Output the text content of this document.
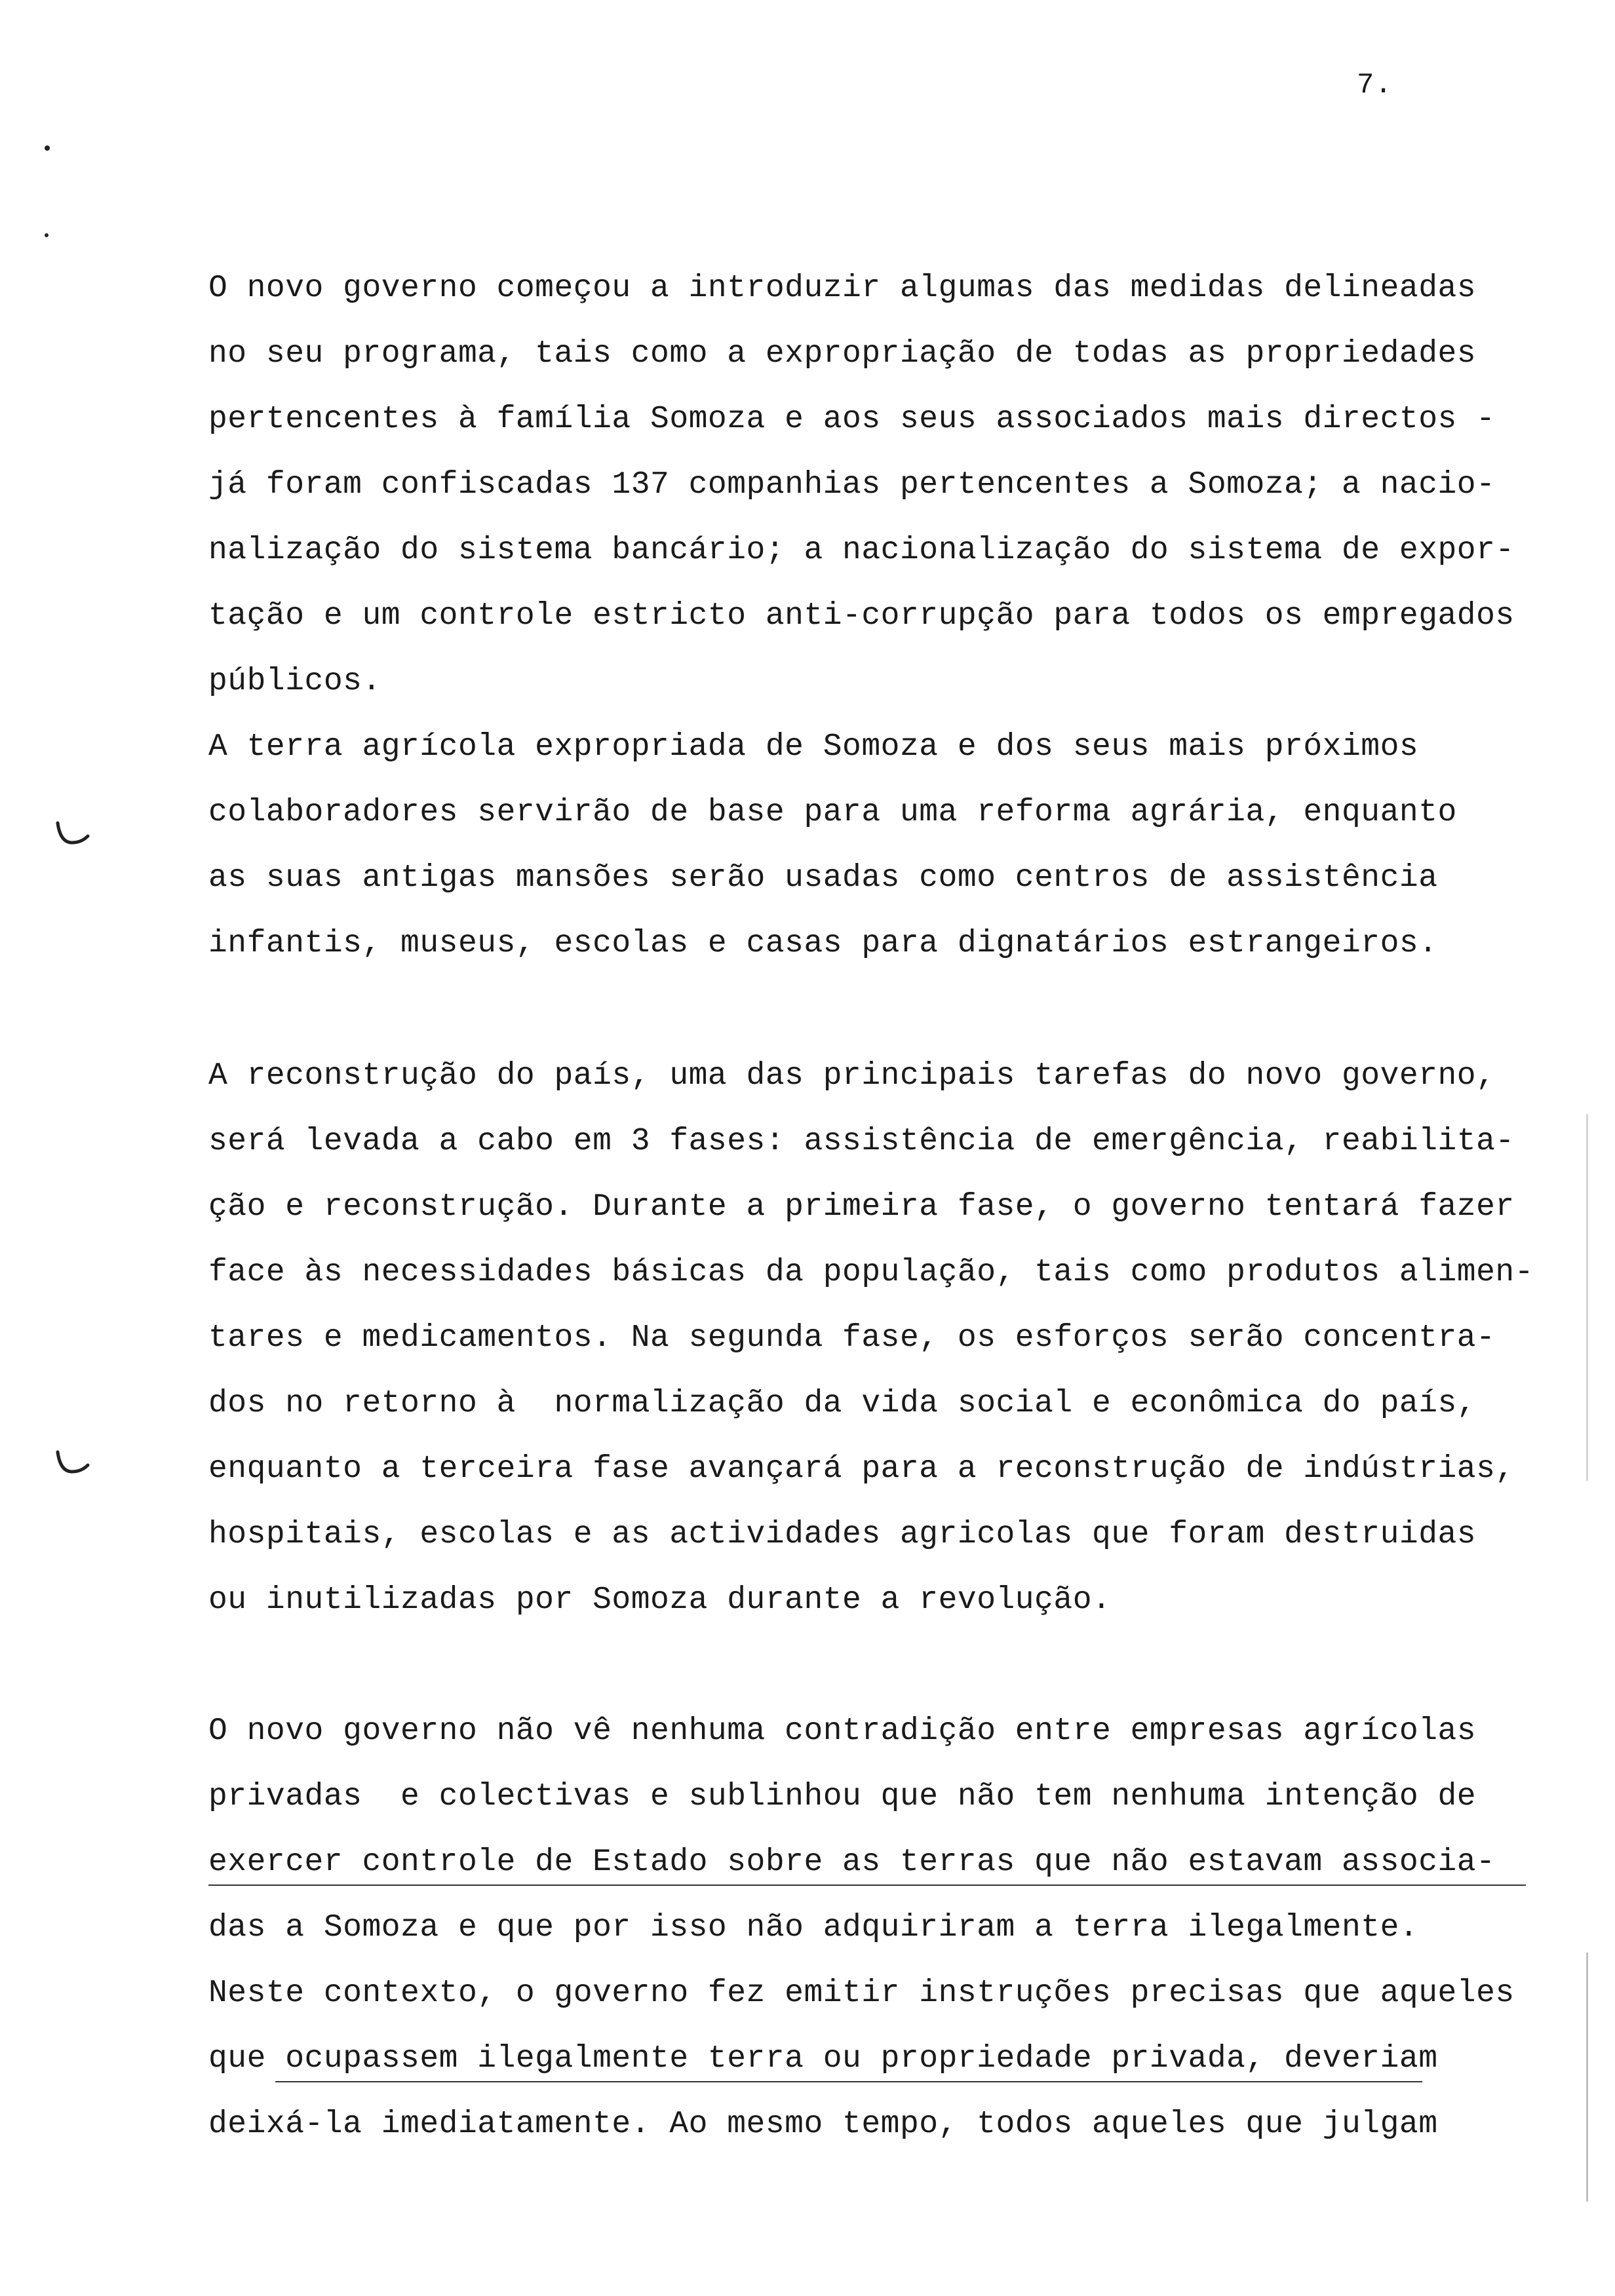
7.

O novo governo começou a introduzir algumas das medidas delineadas

no seu programa, tais como a expropriação de todas as propriedades

pertencentes à família Somoza e aos seus associados mais directos -

já foram confiscadas 137 companhias pertencentes a Somoza; a nacio-

nalização do sistema bancário; a nacionalização do sistema de expor-

tação e um controle estricto anti-corrupção para todos os empregados

públicos.

A terra agrícola expropriada de Somoza e dos seus mais próximos

colaboradores servirão de base para uma reforma agrária, enquanto

as suas antigas mansões serão usadas como centros de assistência

infantis, museus, escolas e casas para dignatários estrangeiros.

A reconstrução do país, uma das principais tarefas do novo governo,

será levada a cabo em 3 fases: assistência de emergência, reabilita-

ção e reconstrução. Durante a primeira fase, o governo tentará fazer

face às necessidades básicas da população, tais como produtos alimen-

tares e medicamentos. Na segunda fase, os esforços serão concentra-

dos no retorno à  normalização da vida social e econômica do país,

enquanto a terceira fase avançará para a reconstrução de indústrias,

hospitais, escolas e as actividades agricolas que foram destruidas

ou inutilizadas por Somoza durante a revolução.

O novo governo não vê nenhuma contradição entre empresas agrícolas

privadas  e colectivas e sublinhou que não tem nenhuma intenção de

exercer controle de Estado sobre as terras que não estavam associa-

das a Somoza e que por isso não adquiriram a terra ilegalmente.

Neste contexto, o governo fez emitir instruções precisas que aqueles

que ocupassem ilegalmente terra ou propriedade privada, deveriam

deixá-la imediatamente. Ao mesmo tempo, todos aqueles que julgam
